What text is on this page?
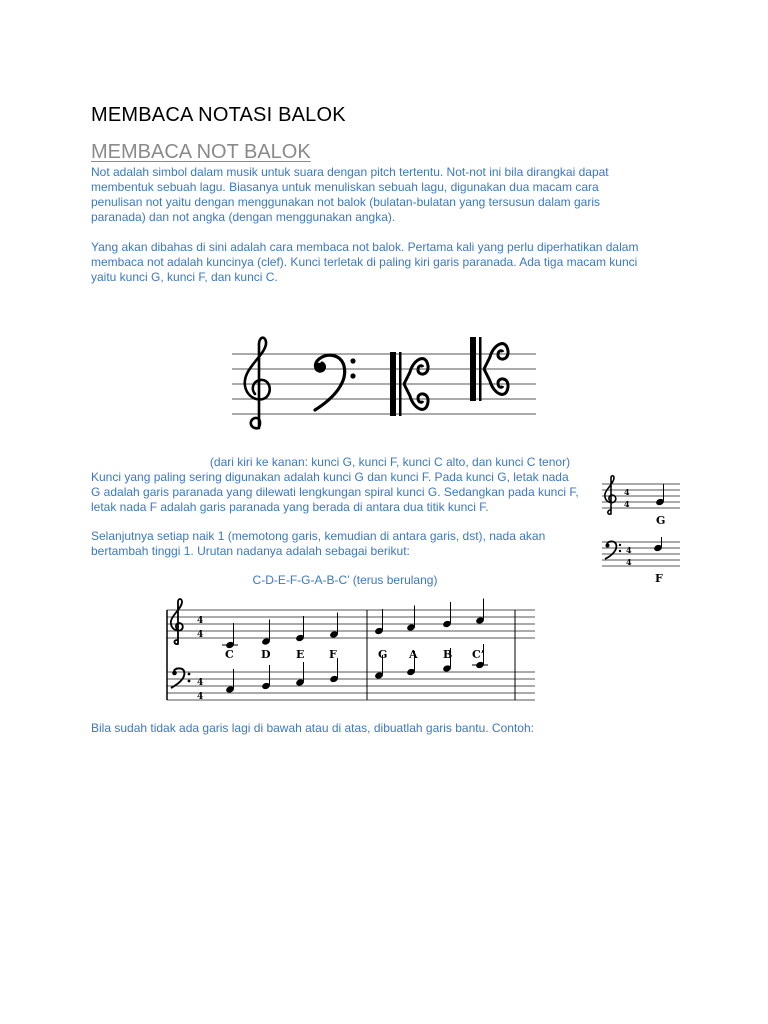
MEMBACA NOTASI BALOK
MEMBACA NOT BALOK

Not adalah simbol dalam musik untuk suara dengan pitch tertentu. Not-not ini bila dirangkai dapat

membentuk sebuah lagu. Biasanya untuk menuliskan sebuah lagu, digunakan dua macam cara

penulisan not yaitu dengan menggunakan not balok (bulatan-bulatan yang tersusun dalam garis

paranada) dan not angka (dengan menggunakan angka).

Yang akan dibahas di sini adalah cara membaca not balok. Pertama kali yang perlu diperhatikan dalam

membaca not adalah kuncinya (clef). Kunci terletak di paling kiri garis paranada. Ada tiga macam kunci

yaitu kunci G, kunci F, dan kunci C.

(dari kiri ke kanan: kunci G, kunci F, kunci C alto, dan kunci C tenor)

Kunci yang paling sering digunakan adalah kunci G dan kunci F. Pada kunci G, letak nada

G adalah garis paranada yang dilewati lengkungan spiral kunci G. Sedangkan pada kunci F,

letak nada F adalah garis paranada yang berada di antara dua titik kunci F.

4
4
G

Selanjutnya setiap naik 1 (memotong garis, kemudian di antara garis, dst), nada akan

bertambah tinggi 1. Urutan nadanya adalah sebagai berikut:	4
4
F
C-D-E-F-G-A-B-C’ (terus berulang)
4
4
4
4
C D E F	G A B C’

Bila sudah tidak ada garis lagi di bawah atau di atas, dibuatlah garis bantu. Contoh:
